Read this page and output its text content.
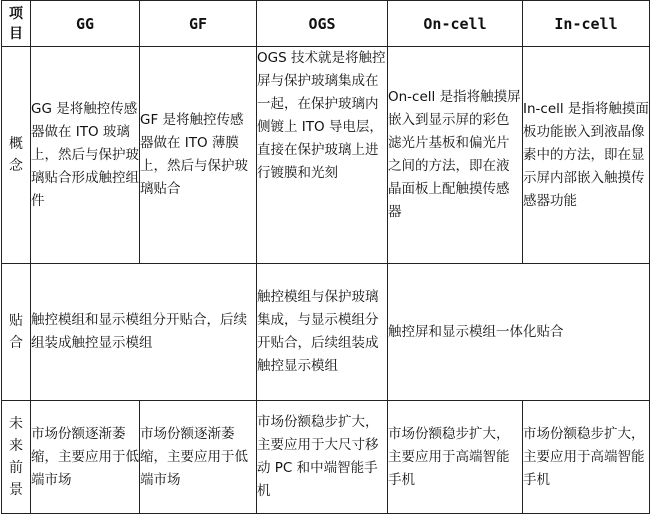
项目	GG	GF	OGS	On-cell	In-cell
概念	GG 是将触控传感器做在 ITO 玻璃上，然后与保护玻璃贴合形成触控组件	GF 是将触控传感器做在 ITO 薄膜上，然后与保护玻璃贴合	OGS 技术就是将触控屏与保护玻璃集成在一起，在保护玻璃内侧镀上 ITO 导电层，直接在保护玻璃上进行镀膜和光刻	On-cell 是指将触摸屏嵌入到显示屏的彩色滤光片基板和偏光片之间的方法，即在液晶面板上配触摸传感器	In-cell 是指将触摸面板功能嵌入到液晶像素中的方法，即在显示屏内部嵌入触摸传感器功能
贴合	触控模组和显示模组分开贴合，后续组装成触控显示模组		触控模组与保护玻璃集成，与显示模组分开贴合，后续组装成触控显示模组	触控屏和显示模组一体化贴合	
未来前景	市场份额逐渐萎缩，主要应用于低端市场	市场份额逐渐萎缩，主要应用于低端市场	市场份额稳步扩大，主要应用于大尺寸移动 PC 和中端智能手机	市场份额稳步扩大，主要应用于高端智能手机	市场份额稳步扩大，主要应用于高端智能手机
